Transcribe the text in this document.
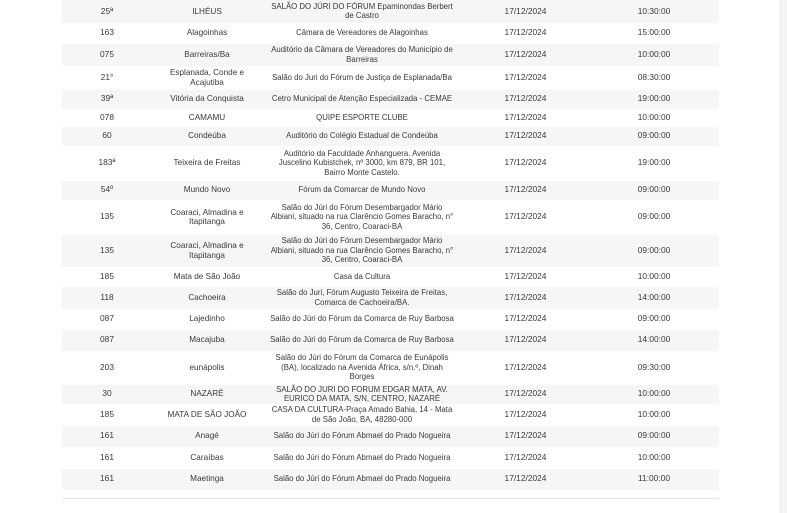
25ª	ILHÉUS	SALÃO DO JÚRI DO FÓRUM Epaminondas Berbert de Castro	17/12/2024	10:30:00
163	Alagoinhas	Câmara de Vereadores de Alagoinhas	17/12/2024	15:00:00
075	Barreiras/Ba	Auditório da Câmara de Vereadores do Município de Barreiras	17/12/2024	10:00:00
21°	Esplanada, Conde e Acajutiba	Salão do Juri do Fórum de Justiça de Esplanada/Ba	17/12/2024	08:30:00
39ª	Vitória da Conquista	Cetro Municipal de Atenção Especializada - CEMAE	17/12/2024	19:00:00
078	CAMAMU	QUIPE ESPORTE CLUBE	17/12/2024	10:00:00
60	Condeúba	Auditório do Colégio Estadual de Condeúba	17/12/2024	09:00:00
183ª	Teixeira de Freitas	Auditório da Faculdade Anhanguera. Avenida Juscelino Kubistchek, nº 3000, km 879, BR 101, Bairro Monte Castelo.	17/12/2024	19:00:00
54º	Mundo Novo	Fórum da Comarcar de Mundo Novo	17/12/2024	09:00:00
135	Coaraci, Almadina e Itapitanga	Salão do Júri do Fórum Desembargador Mário Albiani, situado na rua Clarêncio Gomes Baracho, n° 36, Centro, Coaraci-BA	17/12/2024	09:00:00
135	Coaraci, Almadina e Itapitanga	Salão do Júri do Fórum Desembargador Mário Albiani, situado na rua Clarêncio Gomes Baracho, n° 36, Centro, Coaraci-BA	17/12/2024	09:00:00
185	Mata de São João	Casa da Cultura	17/12/2024	10:00:00
118	Cachoeira	Salão do Juri, Fórum Augusto Teixeira de Freitas, Comarca de Cachoeira/BA.	17/12/2024	14:00:00
087	Lajedinho	Salão do Júri do Fórum da Comarca de Ruy Barbosa	17/12/2024	09:00:00
087	Macajuba	Salão do Júri do Fórum da Comarca de Ruy Barbosa	17/12/2024	14:00:00
203	eunápolis	Salão do Júri do Fórum da Comarca de Eunápolis (BA), localizado na Avenida África, s/n.º, Dinah Borges	17/12/2024	09:30:00
30	NAZARÉ	SALÃO DO JURI DO FORUM EDGAR MATA, AV. EURICO DA MATA, S/N, CENTRO, NAZARÉ	17/12/2024	10:00:00
185	MATA DE SÃO JOÃO	CASA DA CULTURA-Praça Amado Bahia, 14 - Mata de São João, BA, 48280-000	17/12/2024	10:00:00
161	Anagé	Salão do Júri do Fórum Abmael do Prado Nogueira	17/12/2024	09:00:00
161	Caraíbas	Salão do Júri do Fórum Abmael do Prado Nogueira	17/12/2024	10:00:00
161	Maetinga	Salão do Júri do Fórum Abmael do Prado Nogueira	17/12/2024	11:00:00
